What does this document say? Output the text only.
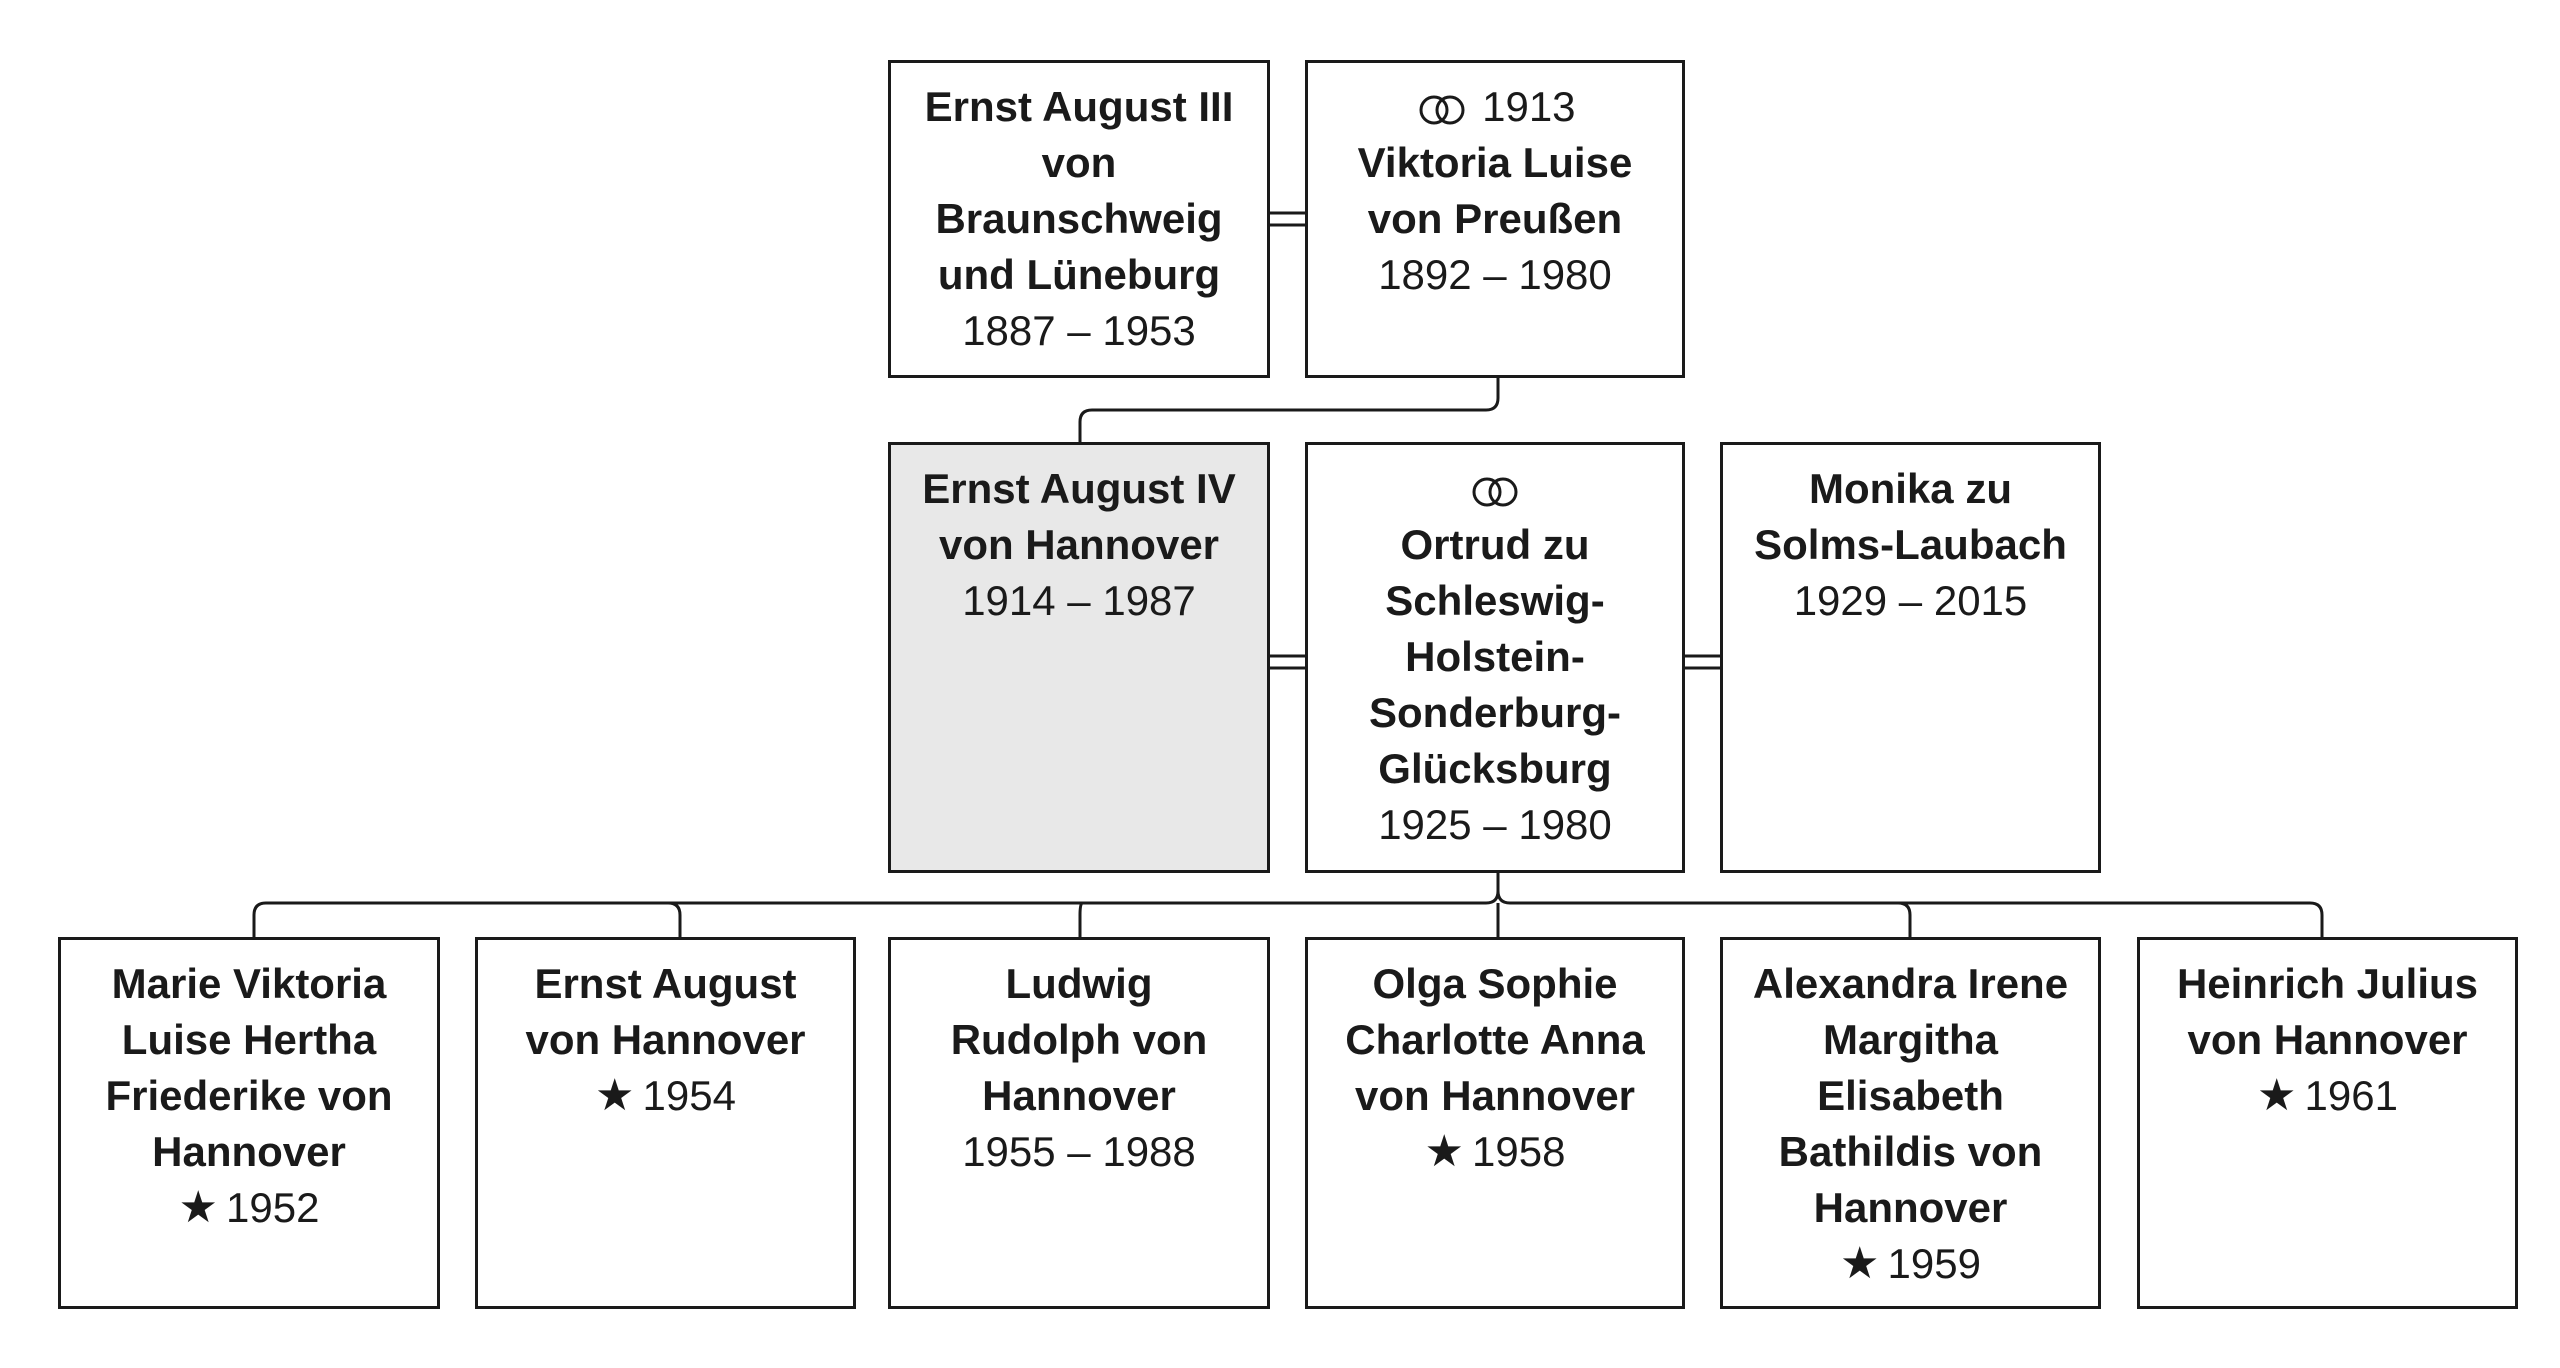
Ernst August III
von
Braunschweig
und Lüneburg
1887 – 1953
1913
Viktoria Luise
von Preußen
1892 – 1980
Ernst August IV
von Hannover
1914 – 1987
Ortrud zu
Schleswig-
Holstein-
Sonderburg-
Glücksburg
1925 – 1980
Monika zu
Solms-Laubach
1929 – 2015
Marie Viktoria
Luise Hertha
Friederike von
Hannover
★ 1952
Ernst August
von Hannover
★ 1954
Ludwig
Rudolph von
Hannover
1955 – 1988
Olga Sophie
Charlotte Anna
von Hannover
★ 1958
Alexandra Irene
Margitha
Elisabeth
Bathildis von
Hannover
★ 1959
Heinrich Julius
von Hannover
★ 1961
